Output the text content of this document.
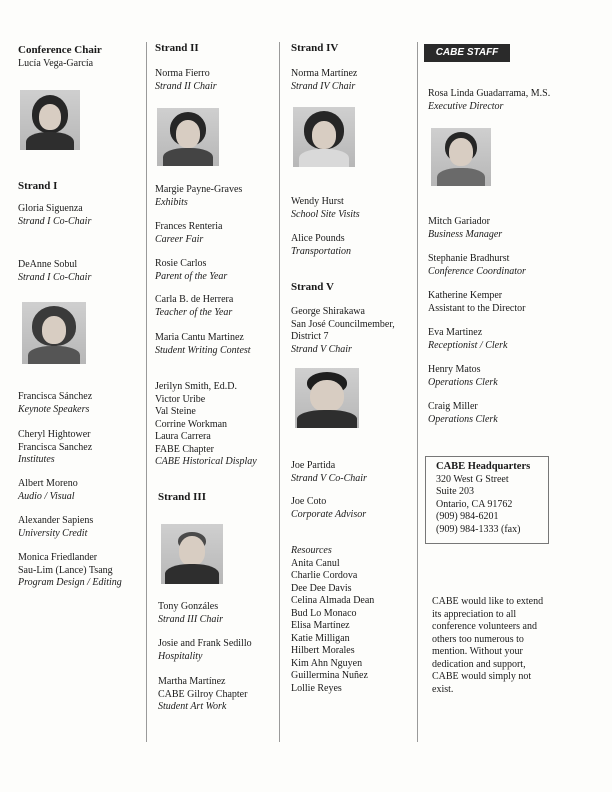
Conference Chair
Lucía Vega-García
Strand I
Gloria Siguenza
Strand I Co-Chair
DeAnne Sobul
Strand I Co-Chair
Francisca Sánchez
Keynote Speakers
Cheryl Hightower
Francisca Sanchez
Institutes
Albert Moreno
Audio / Visual
Alexander Sapiens
University Credit
Monica Friedlander
Sau-Lim (Lance) Tsang
Program Design / Editing
Strand II
Norma Fierro
Strand II Chair
Margie Payne-Graves
Exhibits
Frances Renteria
Career Fair
Rosie Carlos
Parent of the Year
Carla B. de Herrera
Teacher of the Year
Maria Cantu Martinez
Student Writing Contest
Jerilyn Smith, Ed.D.
Victor Uribe
Val Steine
Corrine Workman
Laura Carrera
FABE Chapter
CABE Historical Display
Strand III
Tony Gonzáles
Strand III Chair
Josie and Frank Sedillo
Hospitality
Martha Martínez
CABE Gilroy Chapter
Student Art Work
Strand IV
Norma Martínez
Strand IV Chair
Wendy Hurst
School Site Visits
Alice Pounds
Transportation
Strand V
George Shirakawa
San José Councilmember,
District 7
Strand V Chair
Joe Partida
Strand V Co-Chair
Joe Coto
Corporate Advisor
Resources
Anita Canul
Charlie Cordova
Dee Dee Davis
Celina Almada Dean
Bud Lo Monaco
Elisa Martínez
Katie Milligan
Hilbert Morales
Kim Ahn Nguyen
Guillermina Nuñez
Lollie Reyes
CABE STAFF
Rosa Linda Guadarrama, M.S.
Executive Director
Mitch Gariador
Business Manager
Stephanie Bradhurst
Conference Coordinator
Katherine Kemper
Assistant to the Director
Eva Martinez
Receptionist / Clerk
Henry Matos
Operations Clerk
Craig Miller
Operations Clerk
CABE Headquarters
320 West G Street
Suite 203
Ontario, CA 91762
(909) 984-6201
(909) 984-1333 (fax)
CABE would like to extend its appreciation to all conference volunteers and others too numerous to mention. Without your dedication and support, CABE would simply not exist.
